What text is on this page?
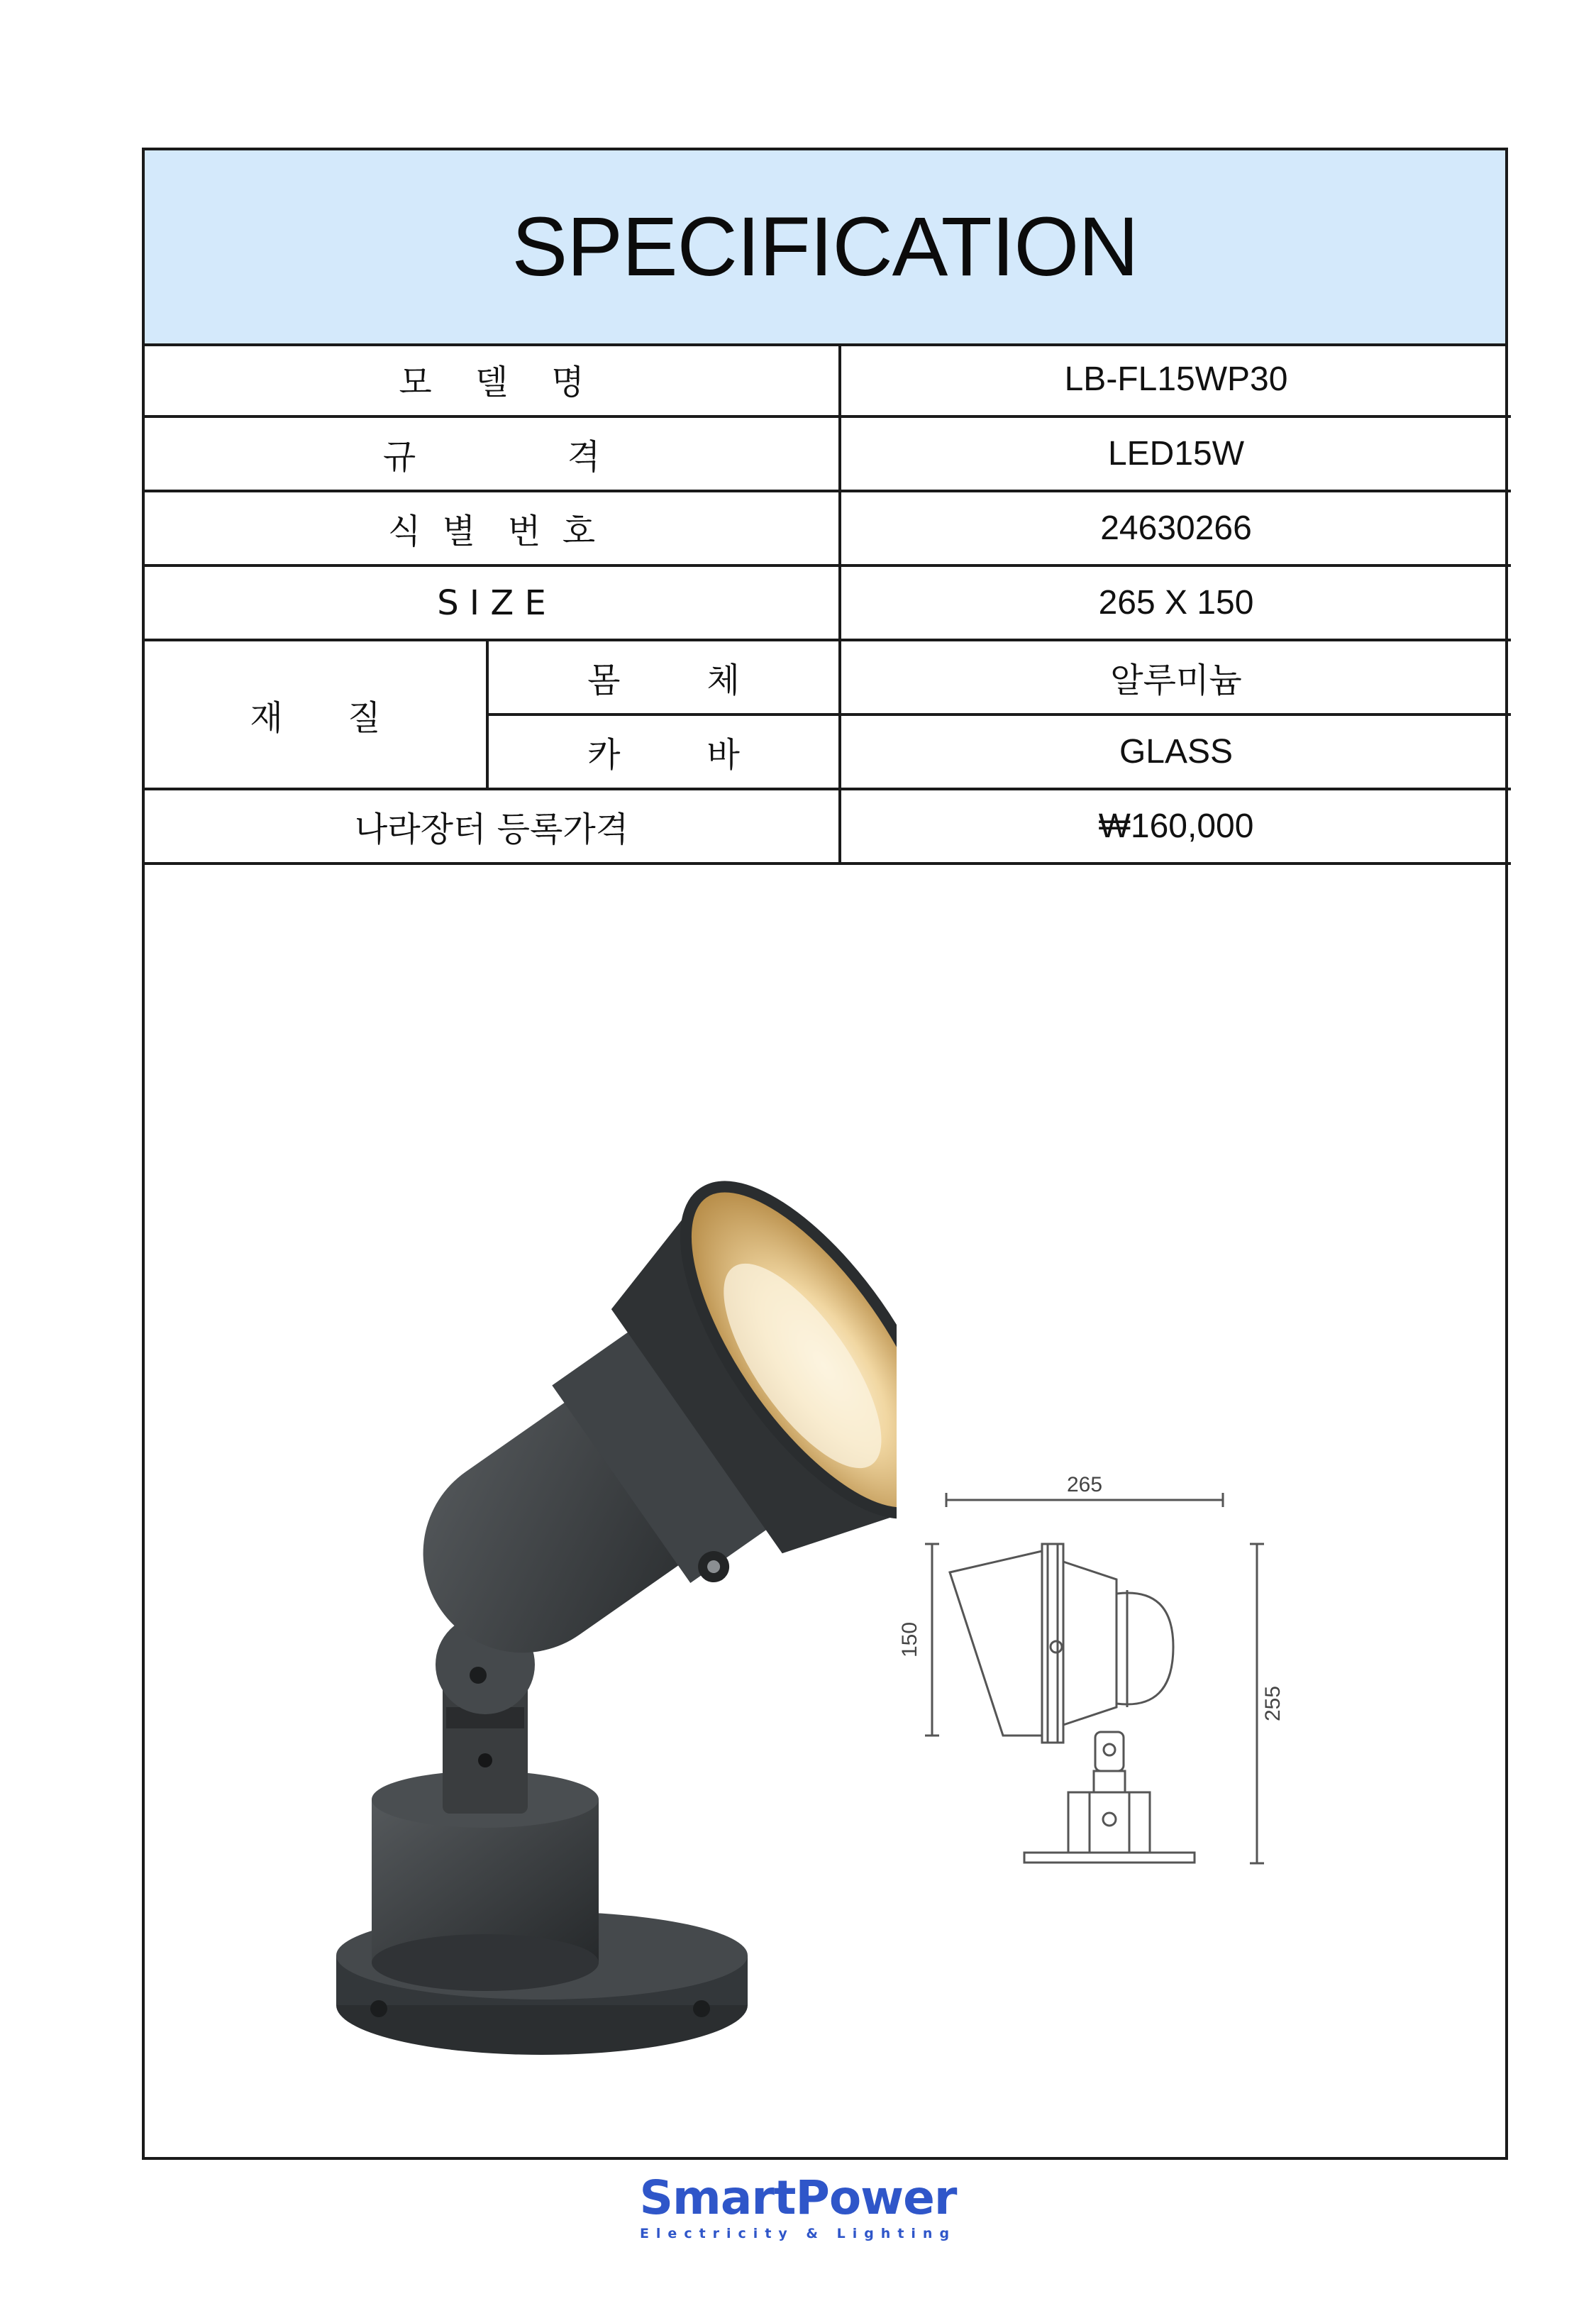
SPECIFICATION
모    델    명		LB-FL15WP30
규              격		LED15W
식  별   번  호		24630266
S I Z E		265 X 150
재      질	몸        체	알루미늄
	카        바	GLASS
나라장터 등록가격		₩160,000
265
150
255
SmartPower
Electricity & Lighting
